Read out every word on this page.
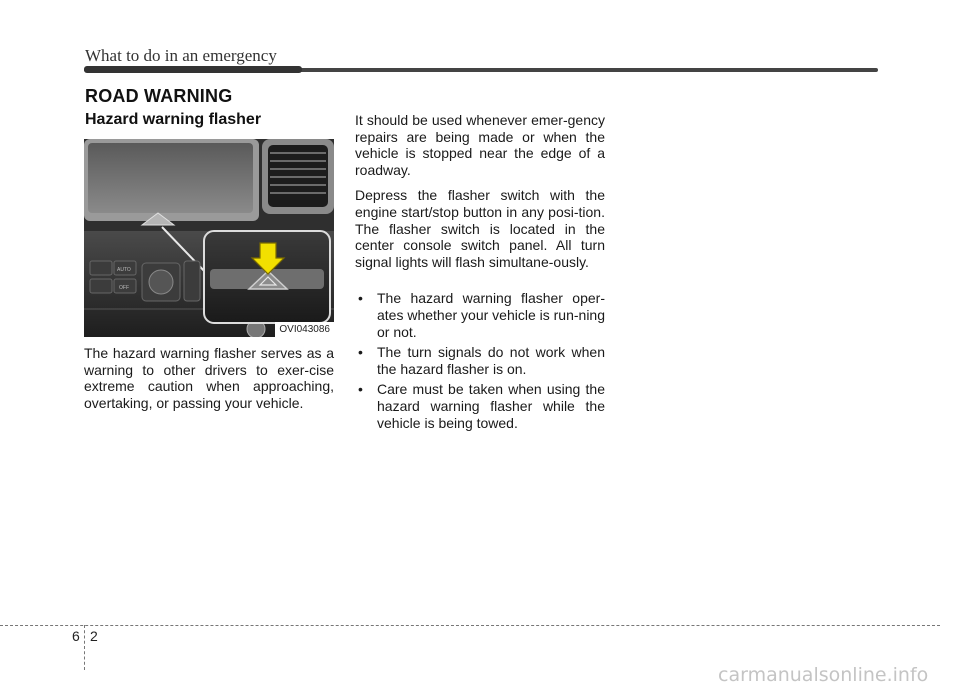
What to do in an emergency
ROAD WARNING
Hazard warning flasher
AUTO
OFF
OVI043086

The hazard warning flasher serves as a warning to other drivers to exer-cise extreme caution when approaching, overtaking, or passing your vehicle.

It should be used whenever emer-gency repairs are being made or when the vehicle is stopped near the edge of a roadway.

Depress the flasher switch with the engine start/stop button in any posi-tion. The flasher switch is located in the center console switch panel. All turn signal lights will flash simultane-ously.

• The hazard warning flasher oper-ates whether your vehicle is run-ning or not.
• The turn signals do not work when the hazard flasher is on.
• Care must be taken when using the hazard warning flasher while the vehicle is being towed.
6 2
carmanualsonline.info
